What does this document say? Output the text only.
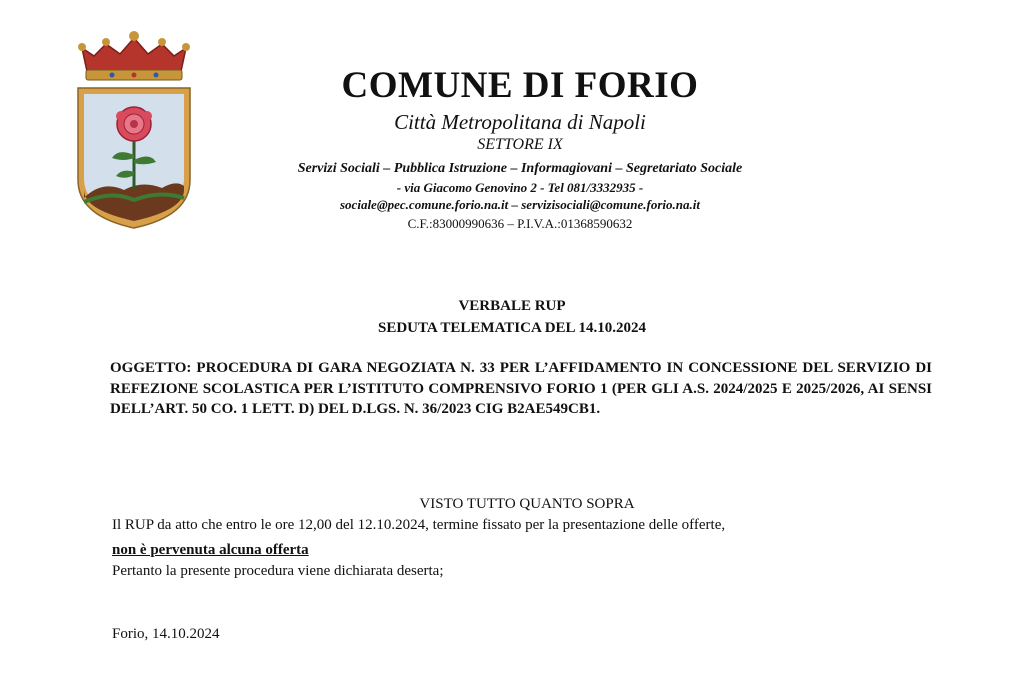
COMUNE DI FORIO
Città Metropolitana di Napoli
SETTORE IX
Servizi Sociali – Pubblica Istruzione – Informagiovani – Segretariato Sociale
- via Giacomo Genovino 2 - Tel 081/3332935 -
sociale@pec.comune.forio.na.it – servizisociali@comune.forio.na.it
C.F.:83000990636 – P.I.V.A.:01368590632
VERBALE RUP
SEDUTA TELEMATICA DEL 14.10.2024

OGGETTO: PROCEDURA DI GARA NEGOZIATA N. 33 PER L’AFFIDAMENTO IN CONCESSIONE DEL SERVIZIO DI REFEZIONE SCOLASTICA PER L’ISTITUTO COMPRENSIVO FORIO 1 (PER GLI A.S. 2024/2025 E 2025/2026, AI SENSI DELL’ART. 50 CO. 1 LETT. D) DEL D.LGS. N. 36/2023 CIG B2AE549CB1.

VISTO TUTTO QUANTO SOPRA
Il RUP da atto che entro le ore 12,00 del 12.10.2024, termine fissato per la presentazione delle offerte,
non è pervenuta alcuna offerta
Pertanto la presente procedura viene dichiarata deserta;
Forio, 14.10.2024
